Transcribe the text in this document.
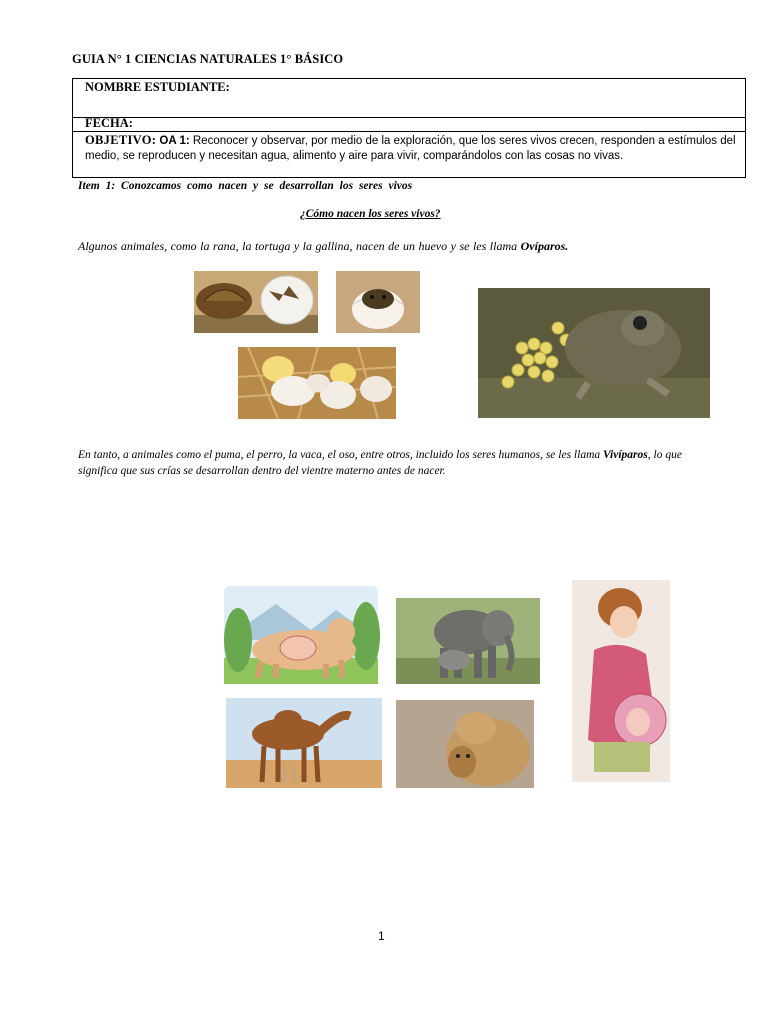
GUIA N° 1 CIENCIAS NATURALES 1° BÁSICO
NOMBRE ESTUDIANTE:
FECHA:
OBJETIVO: OA 1: Reconocer y observar, por medio de la exploración, que los seres vivos crecen, responden a estímulos del medio, se reproducen y necesitan agua, alimento y aire para vivir, comparándolos con las cosas no vivas.
Item 1: Conozcamos como nacen y se desarrollan los seres vivos
¿Cómo nacen los seres vivos?
Algunos animales, como la rana, la tortuga y la gallina, nacen de un huevo y se les llama Ovíparos.
En tanto, a animales como el puma, el perro, la vaca, el oso, entre otros, incluido los seres humanos, se les llama Vivíparos, lo que significa que sus crías se desarrollan dentro del vientre materno antes de nacer.
1
